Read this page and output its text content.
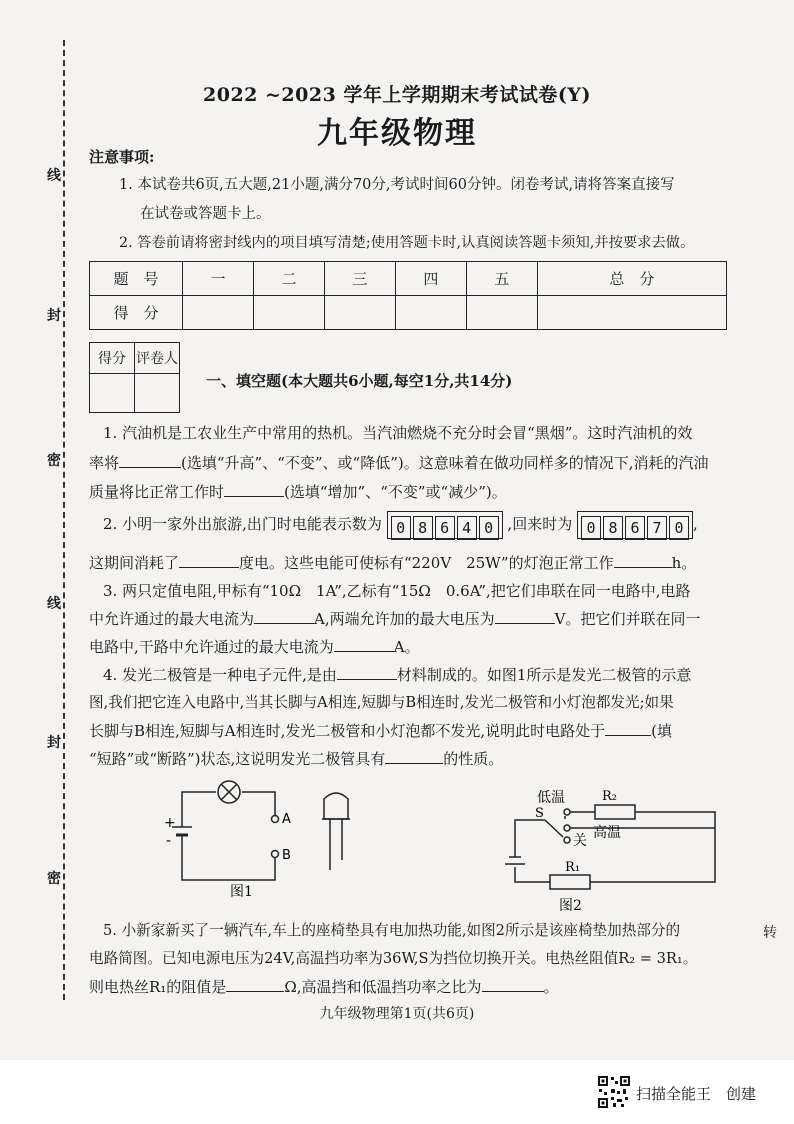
线
封
密
线
封
密
2022 ~2023 学年上学期期末考试试卷(Y)
九年级物理
注意事项:
1. 本试卷共6页,五大题,21小题,满分70分,考试时间60分钟。闭卷考试,请将答案直接写
在试卷或答题卡上。
2. 答卷前请将密封线内的项目填写清楚;使用答题卡时,认真阅读答题卡须知,并按要求去做。
题　号	一	二	三	四	五	总　分
得　分						
得分	评卷人

一、填空题(本大题共6小题,每空1分,共14分)
1. 汽油机是工农业生产中常用的热机。当汽油燃烧不充分时会冒“黑烟”。这时汽油机的效
率将	(选填“升高”、“不变”、或“降低”)。这意味着在做功同样多的情况下,消耗的汽油
质量将比正常工作时	(选填“增加”、“不变”或“减少”)。
2. 小明一家外出旅游,出门时电能表示数为 0 8 6 4 0 ,回来时为 0 8 6 7 0 ,
这期间消耗了	度电。这些电能可使标有“220V　25W”的灯泡正常工作	h。
3. 两只定值电阻,甲标有“10Ω　1A”,乙标有“15Ω　0.6A”,把它们串联在同一电路中,电路
中允许通过的最大电流为	A,两端允许加的最大电压为	V。把它们并联在同一
电路中,干路中允许通过的最大电流为	A。
4. 发光二极管是一种电子元件,是由	材料制成的。如图1所示是发光二极管的示意
图,我们把它连入电路中,当其长脚与A相连,短脚与B相连时,发光二极管和小灯泡都发光;如果
长脚与B相连,短脚与A相连时,发光二极管和小灯泡都不发光,说明此时电路处于	(填
“短路”或“断路”)状态,这说明发光二极管具有	的性质。
+
-
A
B
图1
低温	R₂
S
关 高温
R₁
图2
5. 小新家新买了一辆汽车,车上的座椅垫具有电加热功能,如图2所示是该座椅垫加热部分的
电路简图。已知电源电压为24V,高温挡功率为36W,S为挡位切换开关。电热丝阻值R₂ = 3R₁。
则电热丝R₁的阻值是	Ω,高温挡和低温挡功率之比为	。
转
九年级物理第1页(共6页)
扫描全能王　创建
